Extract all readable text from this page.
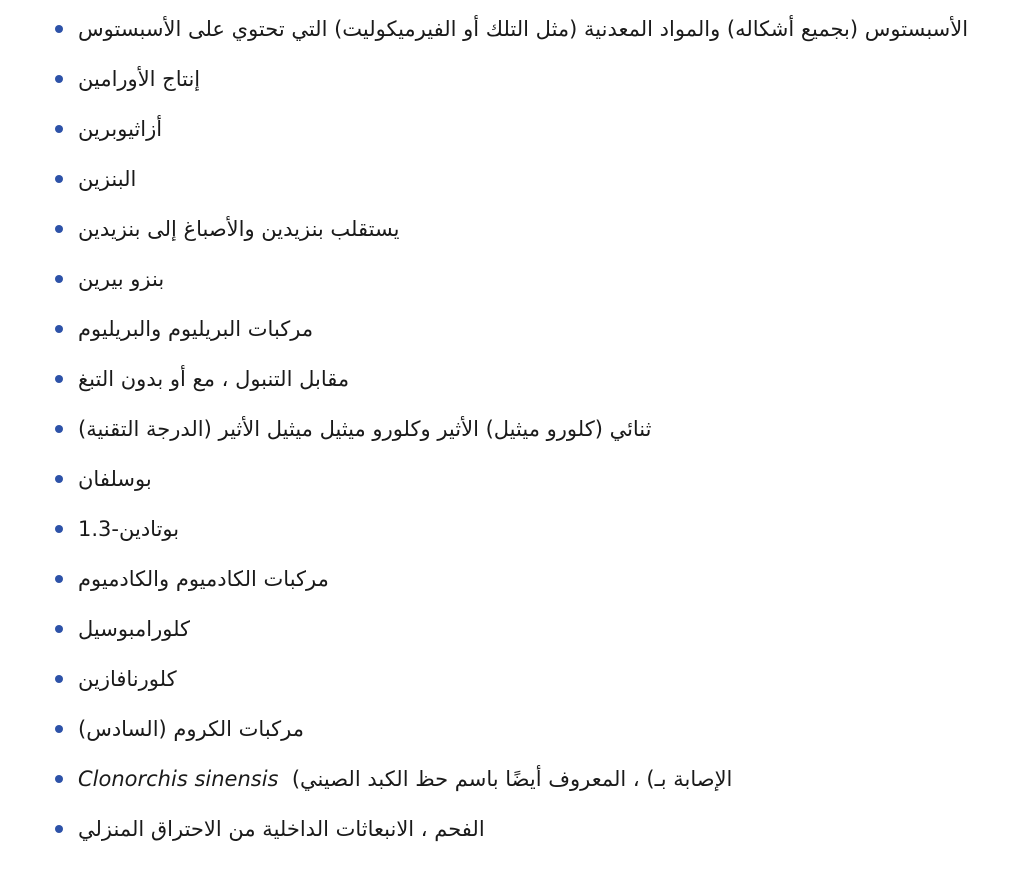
الأسبستوس (بجميع أشكاله) والمواد المعدنية (مثل التلك أو الفيرميكوليت) التي تحتوي على الأسبستوس
إنتاج الأورامين
أزاثيوبرين
البنزين
يستقلب بنزيدين والأصباغ إلى بنزيدين
بنزو بيرين
مركبات البريليوم والبريليوم
مقابل التنبول ، مع أو بدون التبغ
ثنائي (كلورو ميثيل) الأثير وكلورو ميثيل ميثيل الأثير (الدرجة التقنية)
بوسلفان
بوتادين-1.3
مركبات الكادميوم والكادميوم
كلورامبوسيل
كلورنافازين
مركبات الكروم (السادس)
الإصابة بـ) ، المعروف أيضًا باسم حظ الكبد الصيني)  Clonorchis sinensis
الفحم ، الانبعاثات الداخلية من الاحتراق المنزلي
